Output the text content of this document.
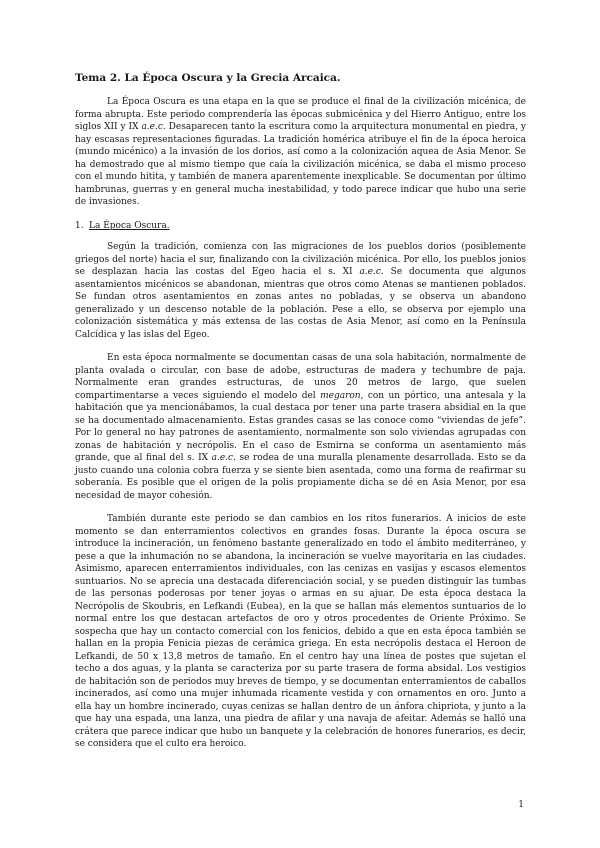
Tema 2. La Época Oscura y la Grecia Arcaica.

La Época Oscura es una etapa en la que se produce el final de la civilización micénica, de forma abrupta. Este periodo comprendería las épocas submicénica y del Hierro Antiguo, entre los siglos XII y IX a.e.c. Desaparecen tanto la escritura como la arquitectura monumental en piedra, y hay escasas representaciones figuradas. La tradición homérica atribuye el fin de la época heroica (mundo micénico) a la invasión de los dorios, así como a la colonización aquea de Asia Menor. Se ha demostrado que al mismo tiempo que caía la civilización micénica, se daba el mismo proceso con el mundo hitita, y también de manera aparentemente inexplicable. Se documentan por último hambrunas, guerras y en general mucha inestabilidad, y todo parece indicar que hubo una serie de invasiones.

1. La Época Oscura.

Según la tradición, comienza con las migraciones de los pueblos dorios (posiblemente griegos del norte) hacia el sur, finalizando con la civilización micénica. Por ello, los pueblos jonios se desplazan hacia las costas del Egeo hacia el s. XI a.e.c. Se documenta que algunos asentamientos micénicos se abandonan, mientras que otros como Atenas se mantienen poblados. Se fundan otros asentamientos en zonas antes no pobladas, y se observa un abandono generalizado y un descenso notable de la población. Pese a ello, se observa por ejemplo una colonización sistemática y más extensa de las costas de Asia Menor, así como en la Península Calcídica y las islas del Egeo.

En esta época normalmente se documentan casas de una sola habitación, normalmente de planta ovalada o circular, con base de adobe, estructuras de madera y techumbre de paja. Normalmente eran grandes estructuras, de unos 20 metros de largo, que suelen compartimentarse a veces siguiendo el modelo del megaron, con un pórtico, una antesala y la habitación que ya mencionábamos, la cual destaca por tener una parte trasera absidial en la que se ha documentado almacenamiento. Estas grandes casas se las conoce como “viviendas de jefe”. Por lo general no hay patrones de asentamiento, normalmente son solo viviendas agrupadas con zonas de habitación y necrópolis. En el caso de Esmirna se conforma un asentamiento más grande, que al final del s. IX a.e.c. se rodea de una muralla plenamente desarrollada. Esto se da justo cuando una colonia cobra fuerza y se siente bien asentada, como una forma de reafirmar su soberanía. Es posible que el origen de la polis propiamente dicha se dé en Asia Menor, por esa necesidad de mayor cohesión.

También durante este periodo se dan cambios en los ritos funerarios. A inicios de este momento se dan enterramientos colectivos en grandes fosas. Durante la época oscura se introduce la incineración, un fenómeno bastante generalizado en todo el ámbito mediterráneo, y pese a que la inhumación no se abandona, la incineración se vuelve mayoritaria en las ciudades. Asimismo, aparecen enterramientos individuales, con las cenizas en vasijas y escasos elementos suntuarios. No se aprecia una destacada diferenciación social, y se pueden distinguir las tumbas de las personas poderosas por tener joyas o armas en su ajuar. De esta época destaca la Necrópolis de Skoubris, en Lefkandi (Eubea), en la que se hallan más elementos suntuarios de lo normal entre los que destacan artefactos de oro y otros procedentes de Oriente Próximo. Se sospecha que hay un contacto comercial con los fenicios, debido a que en esta época también se hallan en la propia Fenicia piezas de cerámica griega. En esta necrópolis destaca el Heroon de Lefkandi, de 50 x 13,8 metros de tamaño. En el centro hay una línea de postes que sujetan el techo a dos aguas, y la planta se caracteriza por su parte trasera de forma absidal. Los vestigios de habitación son de periodos muy breves de tiempo, y se documentan enterramientos de caballos incinerados, así como una mujer inhumada ricamente vestida y con ornamentos en oro. Junto a ella hay un hombre incinerado, cuyas cenizas se hallan dentro de un ánfora chipriota, y junto a la que hay una espada, una lanza, una piedra de afilar y una navaja de afeitar. Además se halló una crátera que parece indicar que hubo un banquete y la celebración de honores funerarios, es decir, se considera que el culto era heroico.

1
